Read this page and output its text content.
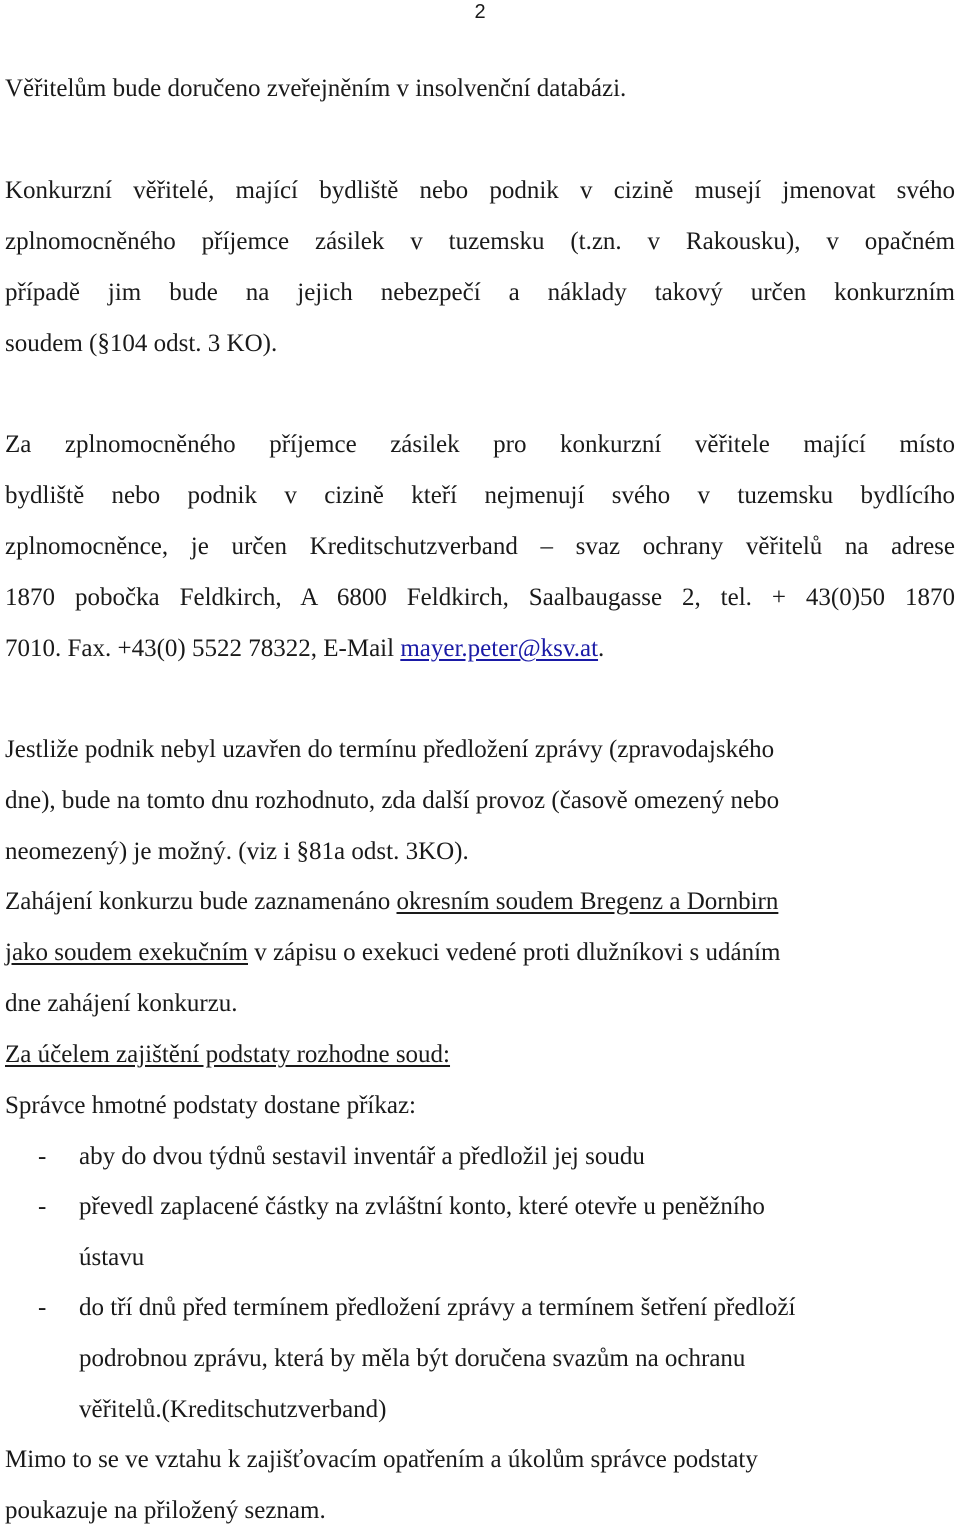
2
Věřitelům bude doručeno zveřejněním v insolvenční databázi.
Konkurzní věřitelé, mající bydliště nebo podnik v cizině musejí jmenovat svého
zplnomocněného příjemce zásilek v tuzemsku (t.zn. v Rakousku), v opačném
případě jim bude na jejich nebezpečí a náklady takový určen konkurzním
soudem (§104 odst. 3 KO).
Za zplnomocněného příjemce zásilek pro konkurzní věřitele mající místo
bydliště nebo podnik v cizině kteří nejmenují svého v tuzemsku bydlícího
zplnomocněnce, je určen Kreditschutzverband – svaz ochrany věřitelů na adrese
1870 pobočka Feldkirch, A 6800 Feldkirch, Saalbaugasse 2, tel. + 43(0)50 1870
7010. Fax. +43(0) 5522 78322, E-Mail mayer.peter@ksv.at.
Jestliže podnik nebyl uzavřen do termínu předložení zprávy (zpravodajského
dne), bude na tomto dnu rozhodnuto, zda další provoz (časově omezený nebo
neomezený) je možný. (viz i §81a odst. 3KO).
Zahájení konkurzu bude zaznamenáno okresním soudem Bregenz a Dornbirn
jako soudem exekučním v zápisu o exekuci vedené proti dlužníkovi s udáním
dne zahájení konkurzu.
Za účelem zajištění podstaty rozhodne soud:
Správce hmotné podstaty dostane příkaz:
- aby do dvou týdnů sestavil inventář a předložil jej soudu
- převedl zaplacené částky na zvláštní konto, které otevře u peněžního
ústavu
- do tří dnů před termínem předložení zprávy a termínem šetření předloží
podrobnou zprávu, která by měla být doručena svazům na ochranu
věřitelů.(Kreditschutzverband)
Mimo to se ve vztahu k zajišťovacím opatřením a úkolům správce podstaty
poukazuje na přiložený seznam.
